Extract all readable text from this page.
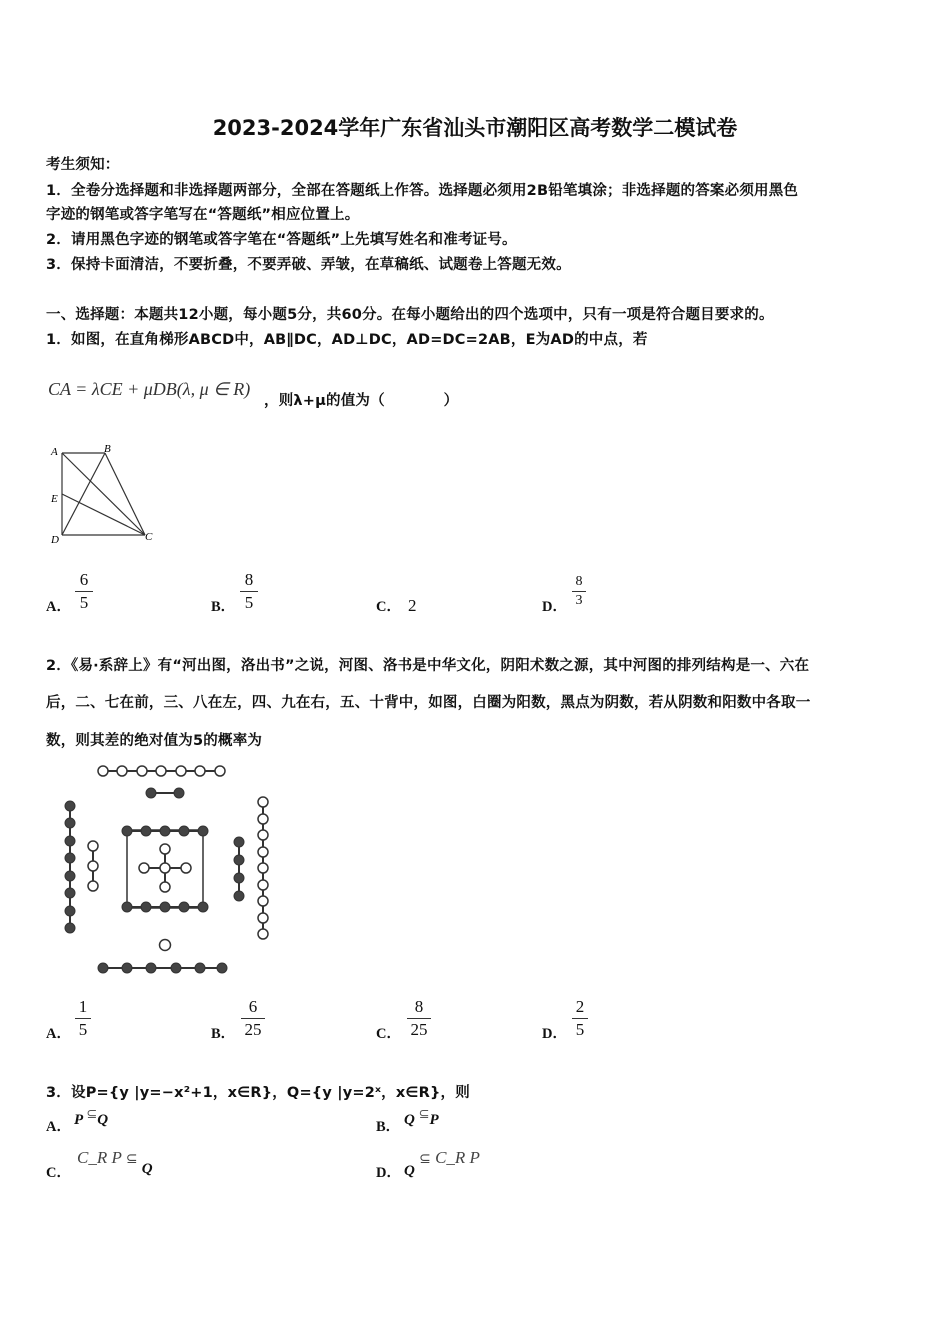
2023-2024学年广东省汕头市潮阳区高考数学二模试卷
考生须知：
1．全卷分选择题和非选择题两部分，全部在答题纸上作答。选择题必须用2B铅笔填涂；非选择题的答案必须用黑色
字迹的钢笔或答字笔写在“答题纸”相应位置上。
2．请用黑色字迹的钢笔或答字笔在“答题纸”上先填写姓名和准考证号。
3．保持卡面清洁，不要折叠，不要弄破、弄皱，在草稿纸、试题卷上答题无效。
一、选择题：本题共12小题，每小题5分，共60分。在每小题给出的四个选项中，只有一项是符合题目要求的。
1．如图，在直角梯形ABCD中，AB∥DC，AD⊥DC，AD=DC=2AB，E为AD的中点，若
CA = λCE + μDB(λ, μ ∈ R)
，则λ+μ的值为（　　　　）
A	B
E
D	C
A．
6
5	B．
8
5	C． 2	D．
8
3
2．《易·系辞上》有“河出图，洛出书”之说，河图、洛书是中华文化，阴阳术数之源，其中河图的排列结构是一、六在
后，二、七在前，三、八在左，四、九在右，五、十背中，如图，白圈为阳数，黑点为阴数，若从阴数和阳数中各取一
数，则其差的绝对值为5的概率为
A．
1
5	B．
6
25	C．
8
25	D．
2
5
3．设P={y |y=−x²+1，x∈R}，Q={y |y=2ˣ，x∈R}，则
A． P ⊆Q	B． Q ⊆P
C．
C_R P ⊆ Q	D． Q ⊆ C_R P
